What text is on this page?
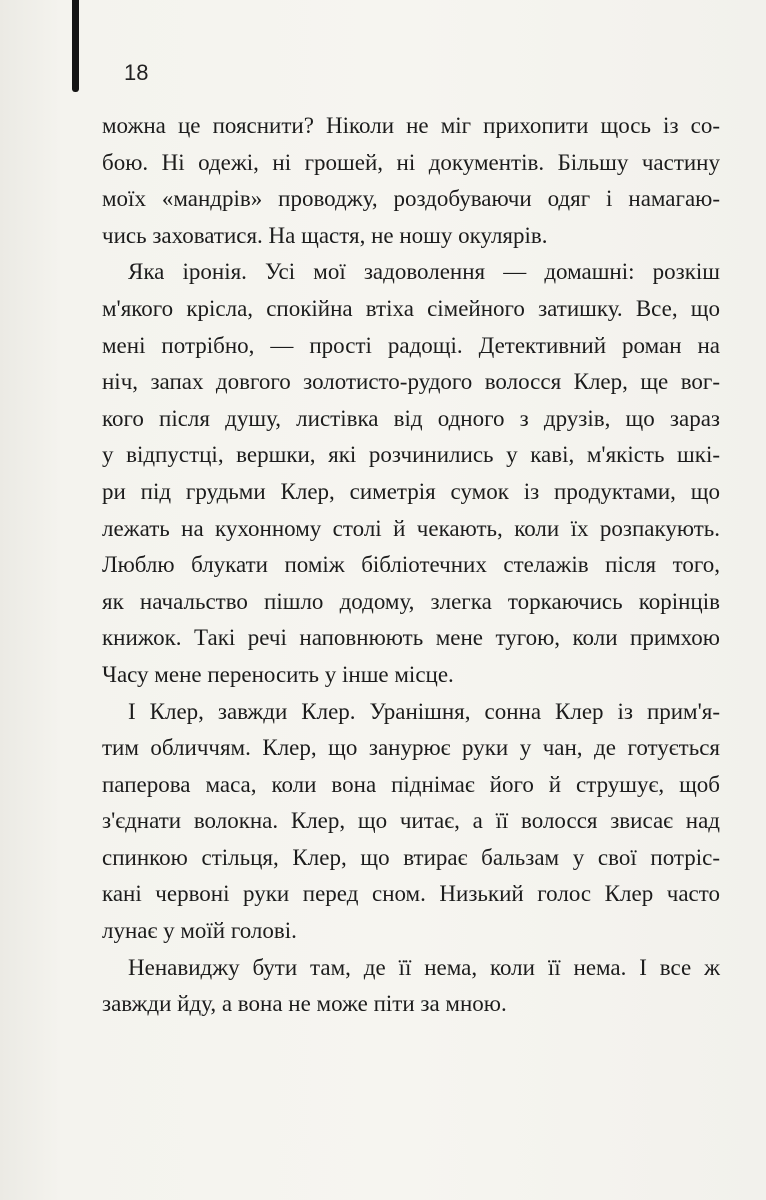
18
можна це пояснити? Ніколи не міг прихопити щось із со-
бою. Ні одежі, ні грошей, ні документів. Більшу частину
моїх «мандрів» проводжу, роздобуваючи одяг і намагаю-
чись заховатися. На щастя, не ношу окулярів.
Яка іронія. Усі мої задоволення — домашні: розкіш
м'якого крісла, спокійна втіха сімейного затишку. Все, що
мені потрібно, — прості радощі. Детективний роман на
ніч, запах довгого золотисто-рудого волосся Клер, ще вог-
кого після душу, листівка від одного з друзів, що зараз
у відпустці, вершки, які розчинились у каві, м'якість шкі-
ри під грудьми Клер, симетрія сумок із продуктами, що
лежать на кухонному столі й чекають, коли їх розпакують.
Люблю блукати поміж бібліотечних стелажів після того,
як начальство пішло додому, злегка торкаючись корінців
книжок. Такі речі наповнюють мене тугою, коли примхою
Часу мене переносить у інше місце.
І Клер, завжди Клер. Уранішня, сонна Клер із прим'я-
тим обличчям. Клер, що занурює руки у чан, де готується
паперова маса, коли вона піднімає його й струшує, щоб
з'єднати волокна. Клер, що читає, а її волосся звисає над
спинкою стільця, Клер, що втирає бальзам у свої потріс-
кані червоні руки перед сном. Низький голос Клер часто
лунає у моїй голові.
Ненавиджу бути там, де її нема, коли її нема. І все ж
завжди йду, а вона не може піти за мною.
